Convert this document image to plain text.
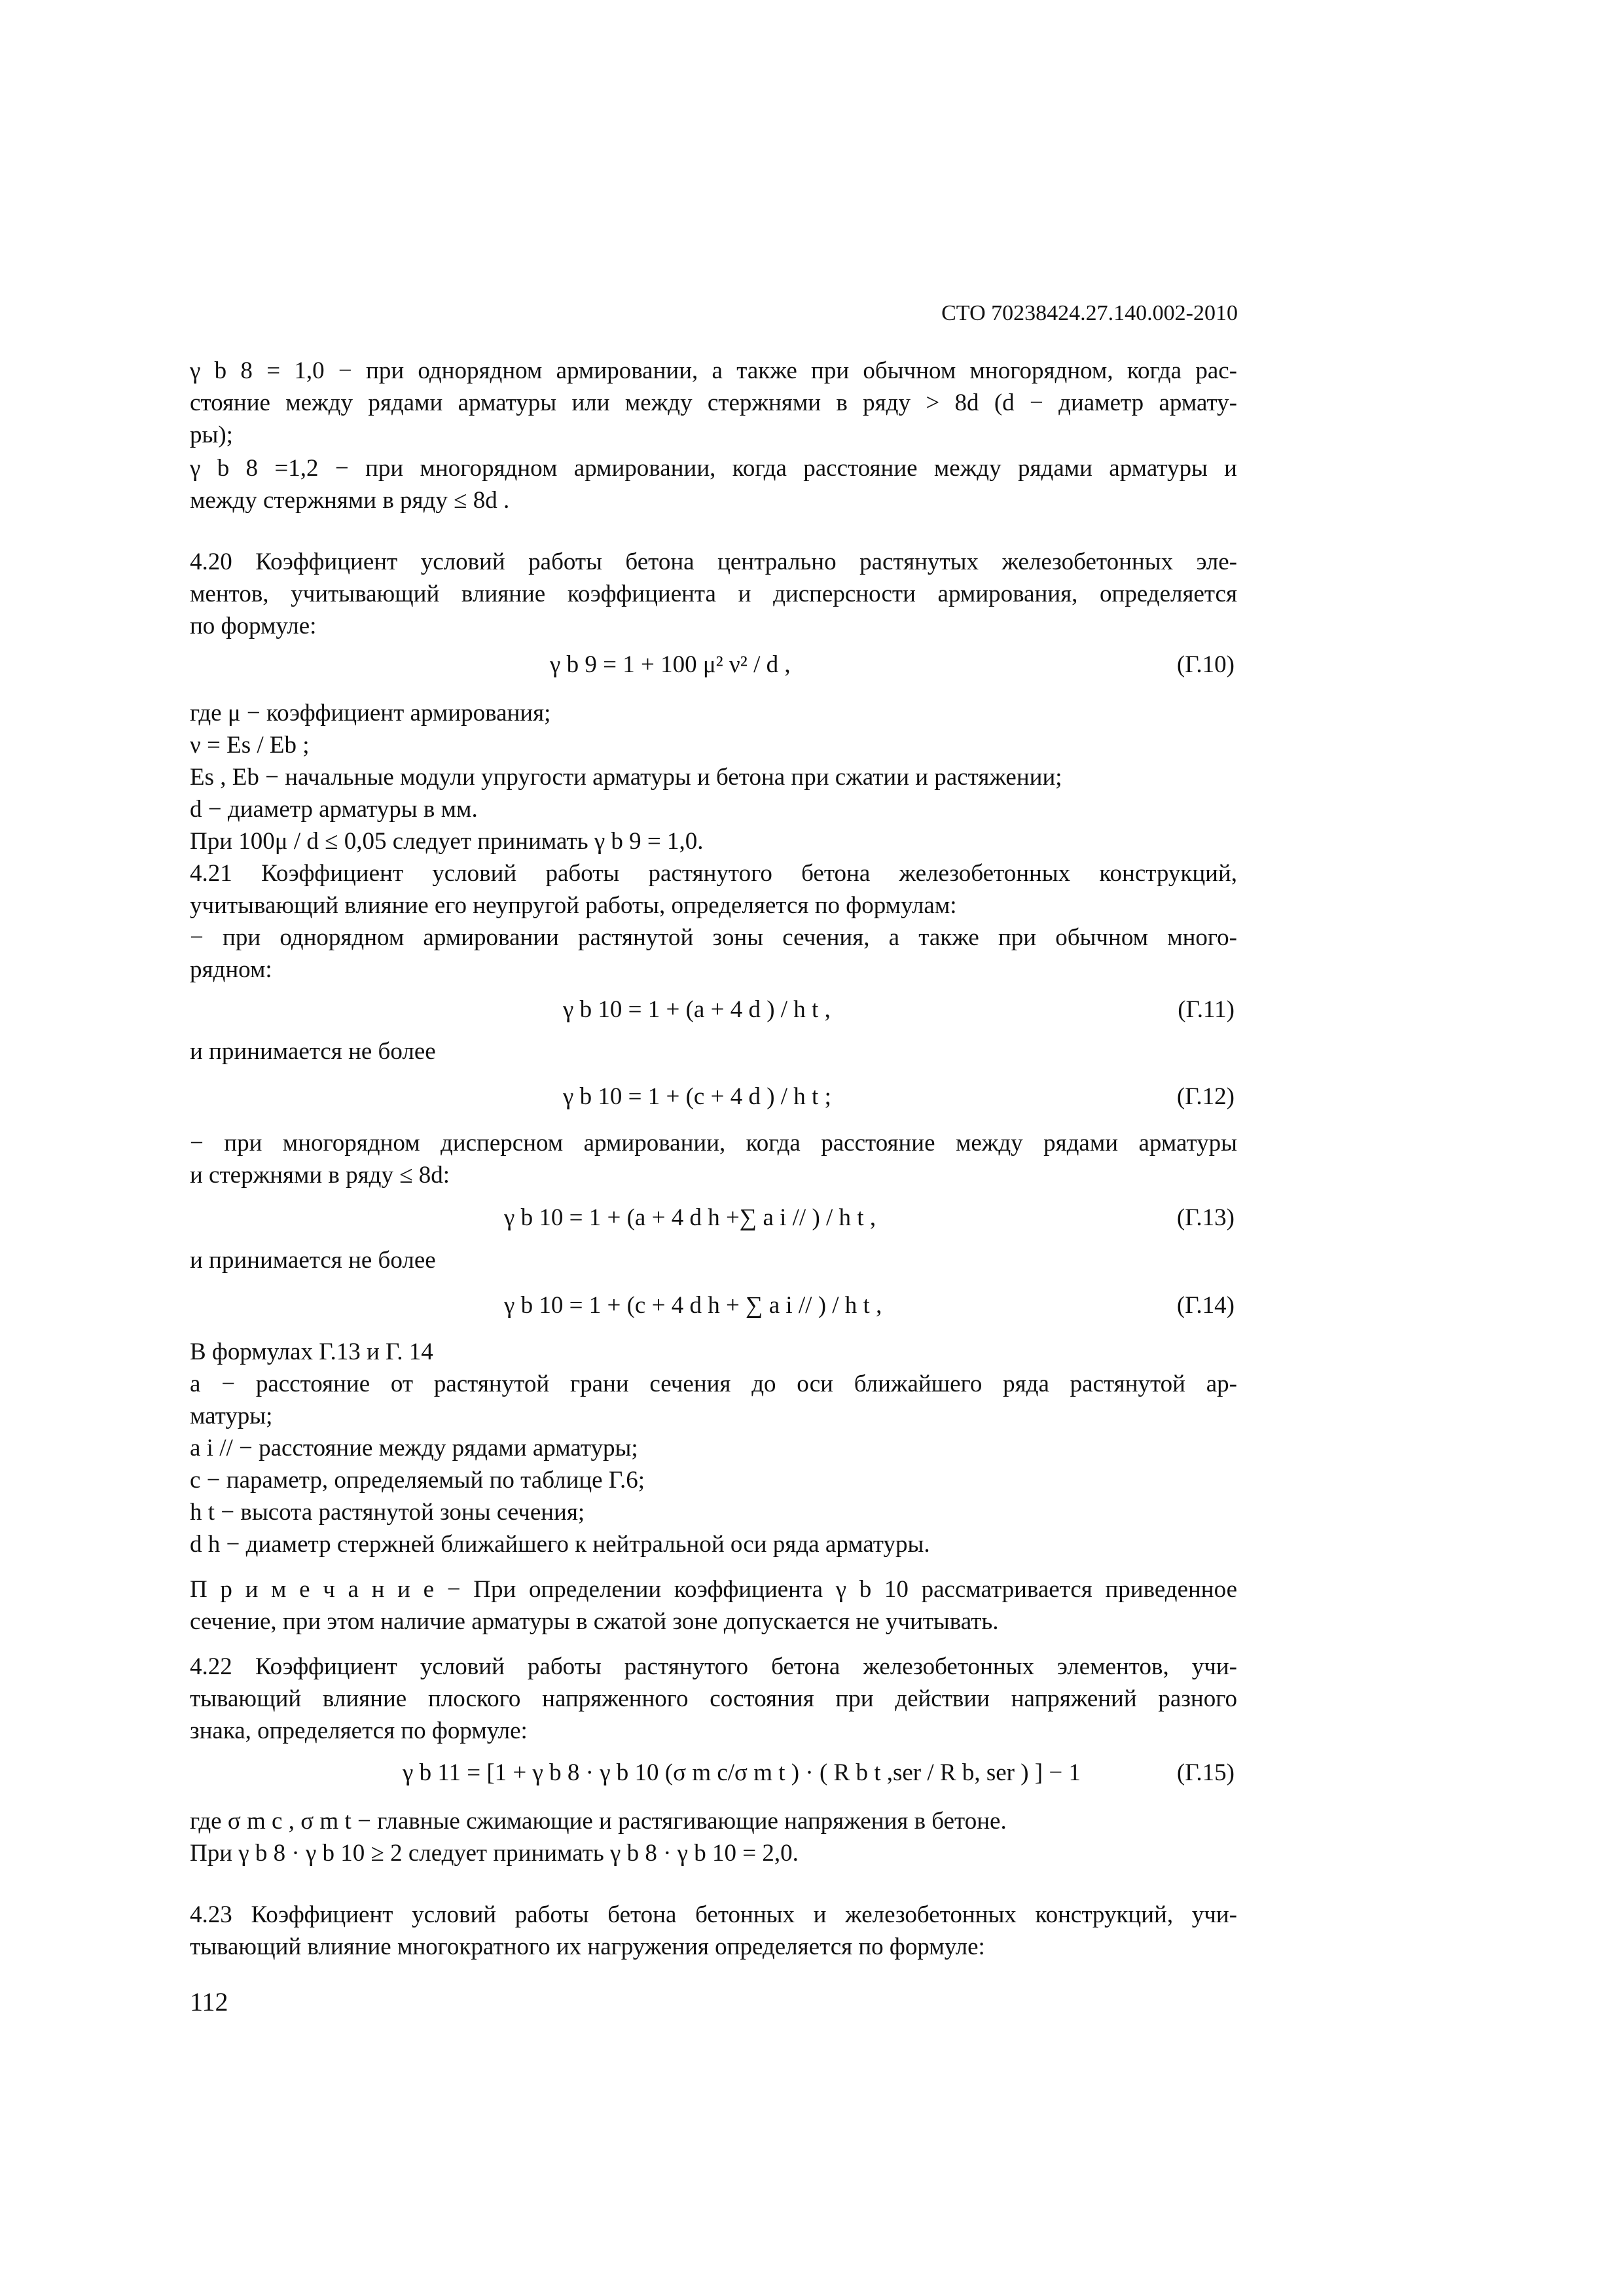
СТО 70238424.27.140.002-2010
γ b 8 = 1,0 − при однорядном армировании, а также при обычном многорядном, когда рас-
стояние между рядами арматуры или между стержнями в ряду > 8d (d − диаметр армату-
ры);
γ b 8 =1,2 − при многорядном армировании, когда расстояние между рядами арматуры и
между стержнями в ряду ≤ 8d .
4.20 Коэффициент условий работы бетона центрально растянутых железобетонных эле-
ментов, учитывающий влияние коэффициента и дисперсности армирования, определяется
по формуле:
γ b 9 = 1 + 100 μ² ν² / d ,	(Г.10)
где μ − коэффициент армирования;
ν = Es / Eb ;
Es , Eb − начальные модули упругости арматуры и бетона при сжатии и растяжении;
d − диаметр арматуры в мм.
При 100μ / d ≤ 0,05 следует принимать γ b 9 = 1,0.
4.21 Коэффициент условий работы растянутого бетона железобетонных конструкций,
учитывающий влияние его неупругой работы, определяется по формулам:
− при однорядном армировании растянутой зоны сечения, а также при обычном много-
рядном:
γ b 10 = 1 + (a + 4 d ) / h t ,	(Г.11)
и принимается не более
γ b 10 = 1 + (c + 4 d ) / h t ;	(Г.12)
− при многорядном дисперсном армировании, когда расстояние между рядами арматуры
и стержнями в ряду ≤ 8d:
γ b 10 = 1 + (a + 4 d h +∑ a i // ) / h t ,	(Г.13)
и принимается не более
γ b 10 = 1 + (c + 4 d h + ∑ a i // ) / h t ,	(Г.14)
В формулах Г.13 и Г. 14
a − расстояние от растянутой грани сечения до оси ближайшего ряда растянутой ар-
матуры;
a i // − расстояние между рядами арматуры;
c − параметр, определяемый по таблице Г.6;
h t − высота растянутой зоны сечения;
d h − диаметр стержней ближайшего к нейтральной оси ряда арматуры.
П р и м е ч а н и е − При определении коэффициента γ b 10 рассматривается приведенное
сечение, при этом наличие арматуры в сжатой зоне допускается не учитывать.
4.22 Коэффициент условий работы растянутого бетона железобетонных элементов, учи-
тывающий влияние плоского напряженного состояния при действии напряжений разного
знака, определяется по формуле:
γ b 11 = [1 + γ b 8 · γ b 10 (σ m c/σ m t ) · ( R b t ,ser / R b, ser ) ] − 1	(Г.15)
где σ m c , σ m t − главные сжимающие и растягивающие напряжения в бетоне.
При γ b 8 · γ b 10 ≥ 2 следует принимать γ b 8 · γ b 10 = 2,0.
4.23 Коэффициент условий работы бетона бетонных и железобетонных конструкций, учи-
тывающий влияние многократного их нагружения определяется по формуле:
112
